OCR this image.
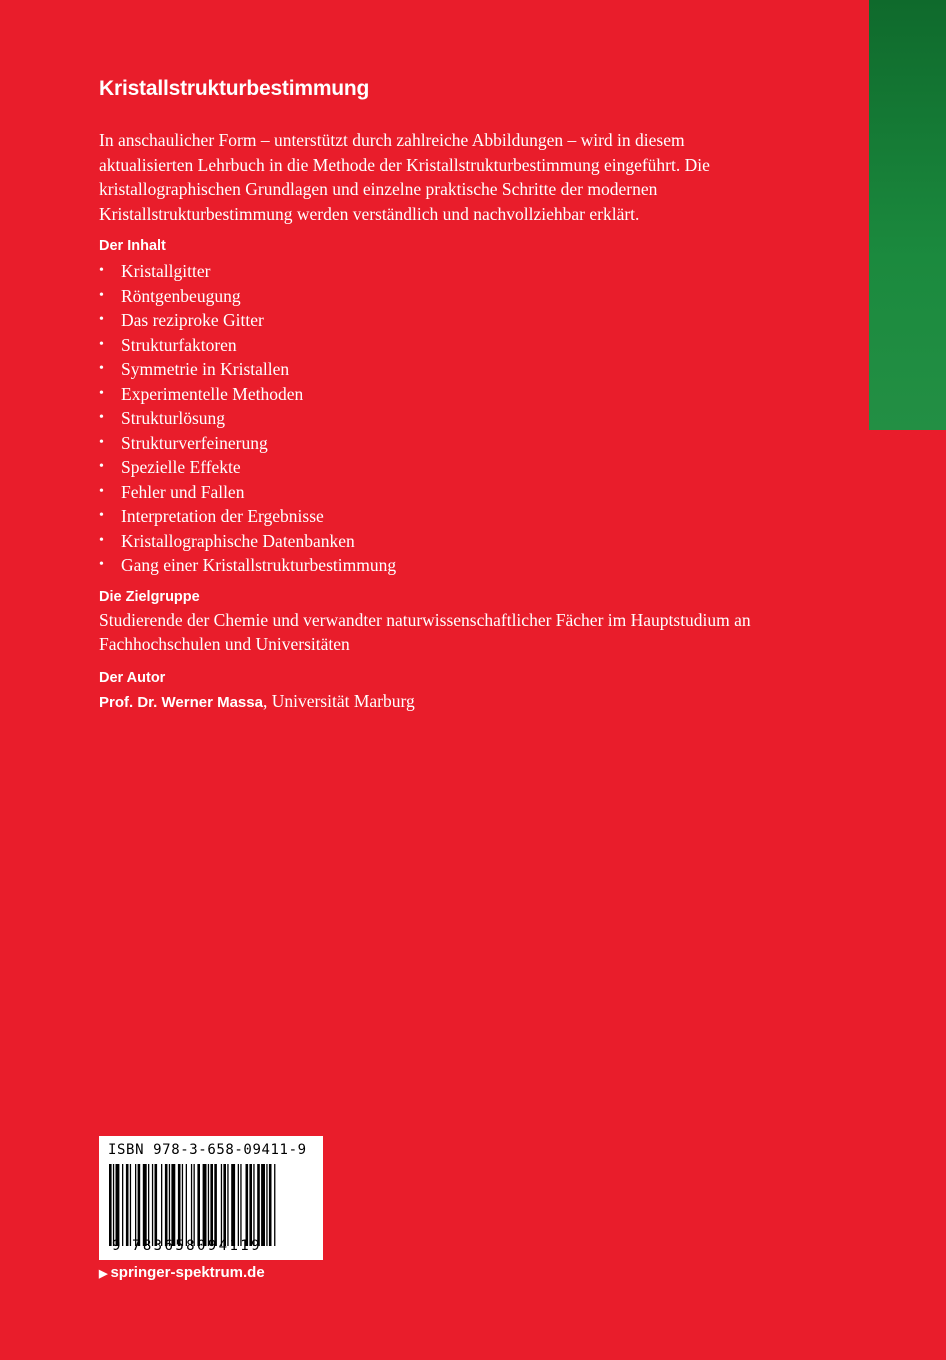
Kristallstrukturbestimmung
In anschaulicher Form – unterstützt durch zahlreiche Abbildungen – wird in diesem aktualisierten Lehrbuch in die Methode der Kristallstrukturbestimmung eingeführt. Die kristallographischen Grundlagen und einzelne praktische Schritte der modernen Kristallstrukturbestimmung werden verständlich und nachvollziehbar erklärt.
Der Inhalt
• Kristallgitter
• Röntgenbeugung
• Das reziproke Gitter
• Strukturfaktoren
• Symmetrie in Kristallen
• Experimentelle Methoden
• Strukturlösung
• Strukturverfeinerung
• Spezielle Effekte
• Fehler und Fallen
• Interpretation der Ergebnisse
• Kristallographische Datenbanken
• Gang einer Kristallstrukturbestimmung
Die Zielgruppe
Studierende der Chemie und verwandter naturwissenschaftlicher Fächer im Hauptstudium an Fachhochschulen und Universitäten
Der Autor
Prof. Dr. Werner Massa, Universität Marburg
ISBN 978-3-658-09411-9
9 783658094119
▶ springer-spektrum.de
